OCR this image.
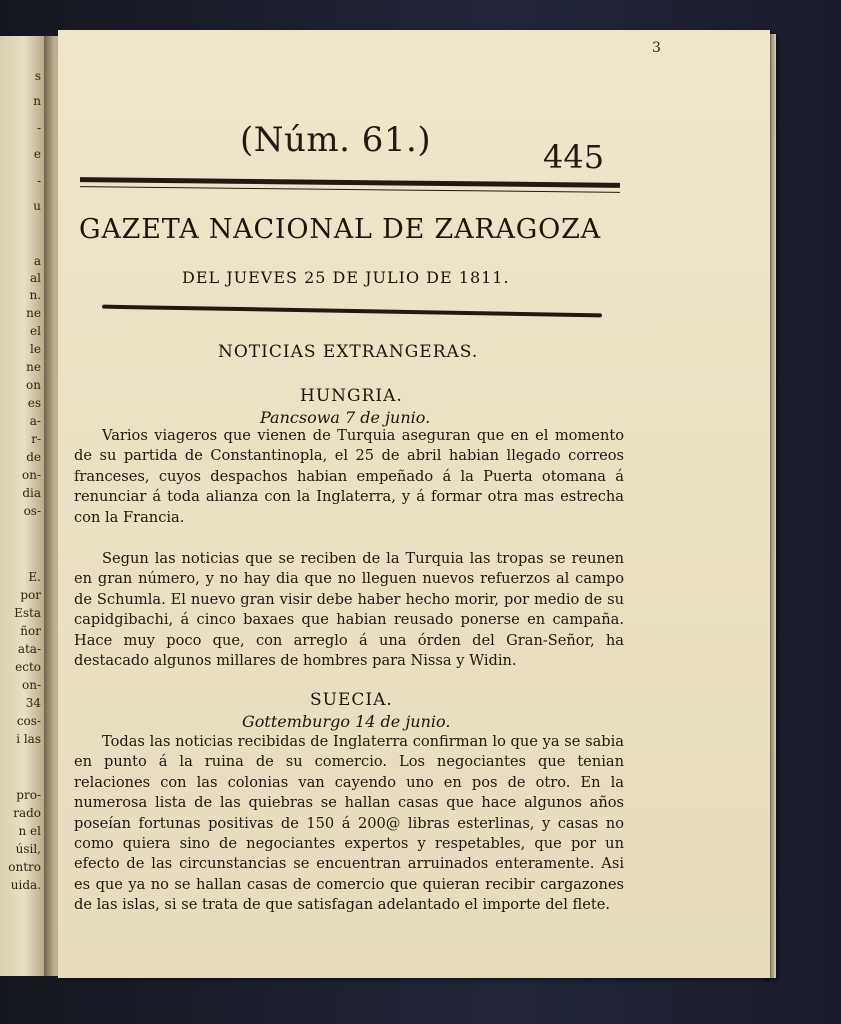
s
n
-
e
-
u
a
al
n.
ne
el
le
ne
on
es
a-
r-
de
on-
dia
os-
E.
por
Esta
ñor
ata-
ecto
on-
34
cos-
i las
pro-
rado
n el
úsil,
ontro
uida.
3
(Núm. 61.)	445
GAZETA NACIONAL DE ZARAGOZA
DEL JUEVES 25 DE JULIO DE 1811.
NOTICIAS EXTRANGERAS.
HUNGRIA.
Pancsowa 7 de junio.
Varios viageros que vienen de Turquia aseguran que en el momento de su partida de Constantinopla, el 25 de abril habian llegado correos franceses, cuyos despachos habian empeñado á la Puerta otomana á renunciar á toda alianza con la Inglaterra, y á formar otra mas estrecha con la Francia.
Segun las noticias que se reciben de la Turquia las tropas se reunen en gran número, y no hay dia que no lleguen nuevos refuerzos al campo de Schumla. El nuevo gran visir debe haber hecho morir, por medio de su capidgibachi, á cinco baxaes que habian reusado ponerse en campaña. Hace muy poco que, con arreglo á una órden del Gran-Señor, ha destacado algunos millares de hombres para Nissa y Widin.
SUECIA.
Gottemburgo 14 de junio.
Todas las noticias recibidas de Inglaterra confirman lo que ya se sabia en punto á la ruina de su comercio. Los negociantes que tenian relaciones con las colonias van cayendo uno en pos de otro. En la numerosa lista de las quiebras se hallan casas que hace algunos años poseían fortunas positivas de 150 á 200@ libras esterlinas, y casas no como quiera sino de negociantes expertos y respetables, que por un efecto de las circunstancias se encuentran arruinados enteramente. Asi es que ya no se hallan casas de comercio que quieran recibir cargazones de las islas, si se trata de que satisfagan adelantado el importe del flete.
